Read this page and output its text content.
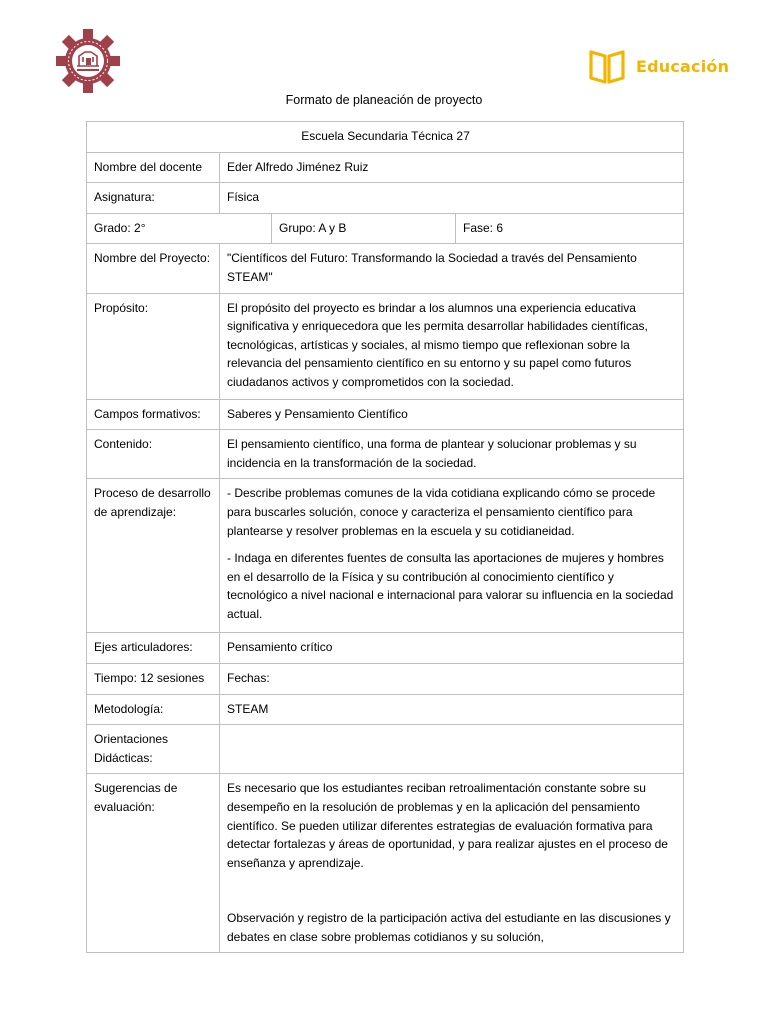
Educación
Formato de planeación de proyecto
Escuela Secundaria Técnica 27			
Nombre del docente	Eder Alfredo Jiménez Ruiz		
Asignatura:	Física		
Grado: 2°		Grupo: A y B	Fase: 6
Nombre del Proyecto:	"Científicos del Futuro: Transformando la Sociedad a través del Pensamiento STEAM"		
Propósito:	El propósito del proyecto es brindar a los alumnos una experiencia educativa significativa y enriquecedora que les permita desarrollar habilidades científicas, tecnológicas, artísticas y sociales, al mismo tiempo que reflexionan sobre la relevancia del pensamiento científico en su entorno y su papel como futuros ciudadanos activos y comprometidos con la sociedad.		
Campos formativos:	Saberes y Pensamiento Científico		
Contenido:	El pensamiento científico, una forma de plantear y solucionar problemas y su incidencia en la transformación de la sociedad.		
Proceso de desarrollo de aprendizaje:	- Describe problemas comunes de la vida cotidiana explicando cómo se procede para buscarles solución, conoce y caracteriza el pensamiento científico para plantearse y resolver problemas en la escuela y su cotidianeidad.
- Indaga en diferentes fuentes de consulta las aportaciones de mujeres y hombres en el desarrollo de la Física y su contribución al conocimiento científico y tecnológico a nivel nacional e internacional para valorar su influencia en la sociedad actual.		

Ejes articuladores:	Pensamiento crítico		
Tiempo: 12 sesiones	Fechas:		
Metodología:	STEAM		
Orientaciones Didácticas:			
Sugerencias de evaluación:	Es necesario que los estudiantes reciban retroalimentación constante sobre su desempeño en la resolución de problemas y en la aplicación del pensamiento científico. Se pueden utilizar diferentes estrategias de evaluación formativa para detectar fortalezas y áreas de oportunidad, y para realizar ajustes en el proceso de enseñanza y aprendizaje.
Observación y registro de la participación activa del estudiante en las discusiones y debates en clase sobre problemas cotidianos y su solución,		
